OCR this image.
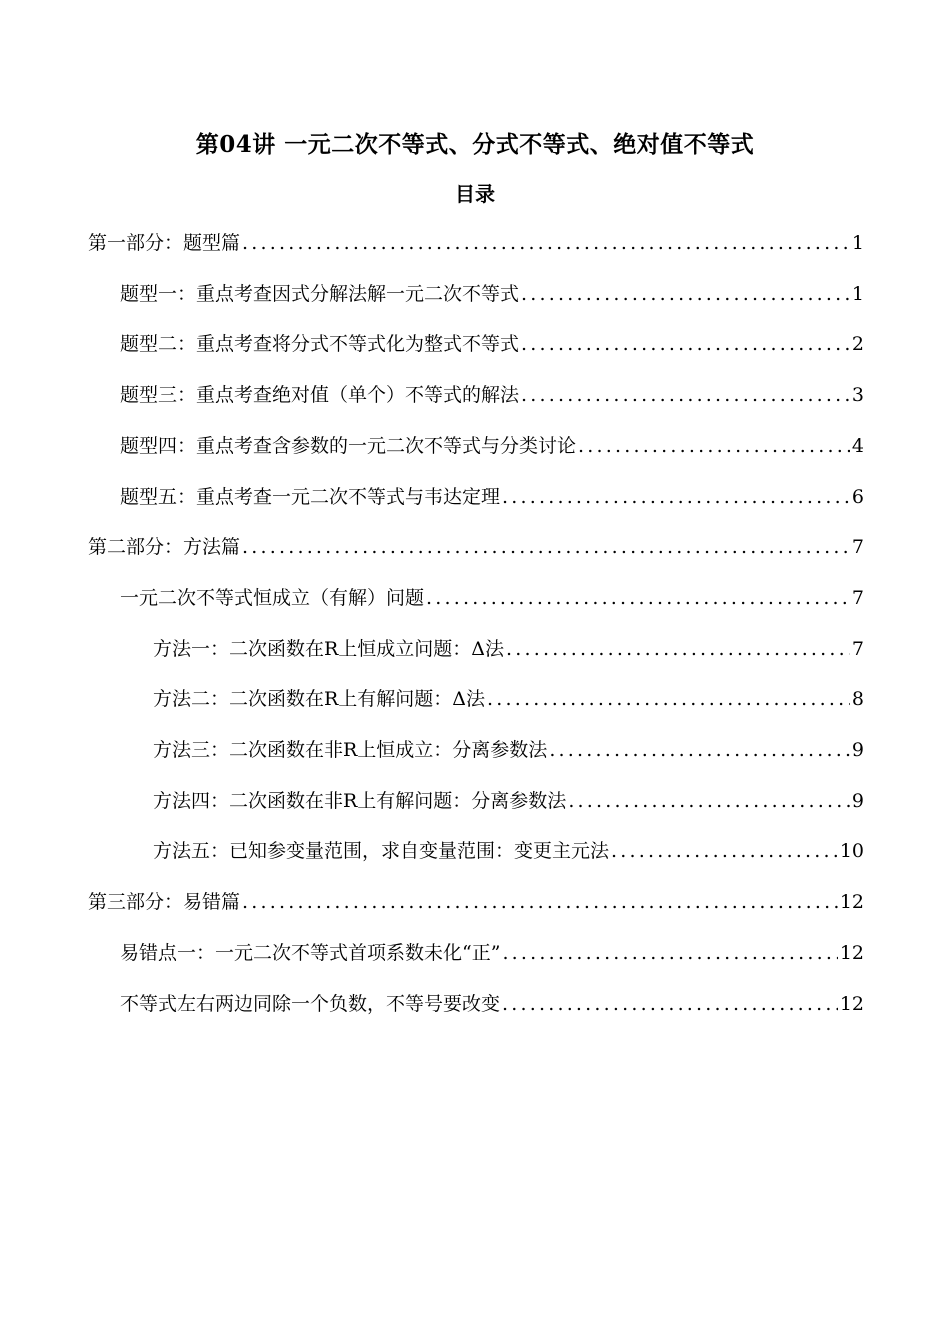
第04讲 一元二次不等式、分式不等式、绝对值不等式
目录
第一部分：题型篇 .....	1
题型一：重点考查因式分解法解一元二次不等式 .....	1
题型二：重点考查将分式不等式化为整式不等式 .....	2
题型三：重点考查绝对值（单个）不等式的解法 .....	3
题型四：重点考查含参数的一元二次不等式与分类讨论 .....	4
题型五：重点考查一元二次不等式与韦达定理 .....	6
第二部分：方法篇 .....	7
一元二次不等式恒成立（有解）问题 .....	7
方法一：二次函数在R上恒成立问题：Δ法 .....	7
方法二：二次函数在R上有解问题：Δ法 .....	8
方法三：二次函数在非R上恒成立：分离参数法 .....	9
方法四：二次函数在非R上有解问题：分离参数法 .....	9
方法五：已知参变量范围，求自变量范围：变更主元法 .....	10
第三部分：易错篇 .....	12
易错点一：一元二次不等式首项系数未化“正” .....	12
不等式左右两边同除一个负数，不等号要改变 .....	12
